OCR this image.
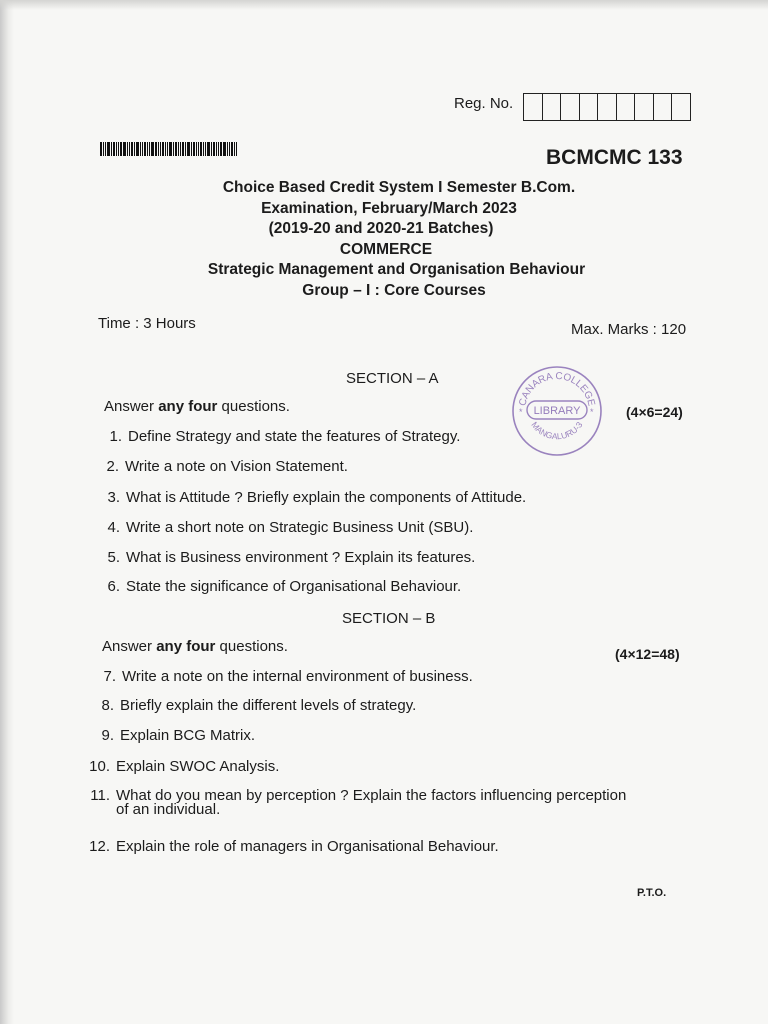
Reg. No.
BCMCMC 133
Choice Based Credit System I Semester B.Com.
Examination, February/March 2023
(2019-20 and 2020-21 Batches)
COMMERCE
Strategic Management and Organisation Behaviour
Group – I : Core Courses
Time : 3 Hours	Max. Marks : 120
CANARA COLLEGE
LIBRARY
MANGALURU-3
*	*
SECTION – A
Answer any four questions.	(4×6=24)
1. Define Strategy and state the features of Strategy.
2. Write a note on Vision Statement.
3. What is Attitude ? Briefly explain the components of Attitude.
4. Write a short note on Strategic Business Unit (SBU).
5. What is Business environment ? Explain its features.
6. State the significance of Organisational Behaviour.
SECTION – B
Answer any four questions.	(4×12=48)
7. Write a note on the internal environment of business.
8. Briefly explain the different levels of strategy.
9. Explain BCG Matrix.
10. Explain SWOC Analysis.
11. What do you mean by perception ? Explain the factors influencing perception of an individual.
12. Explain the role of managers in Organisational Behaviour.
P.T.O.
